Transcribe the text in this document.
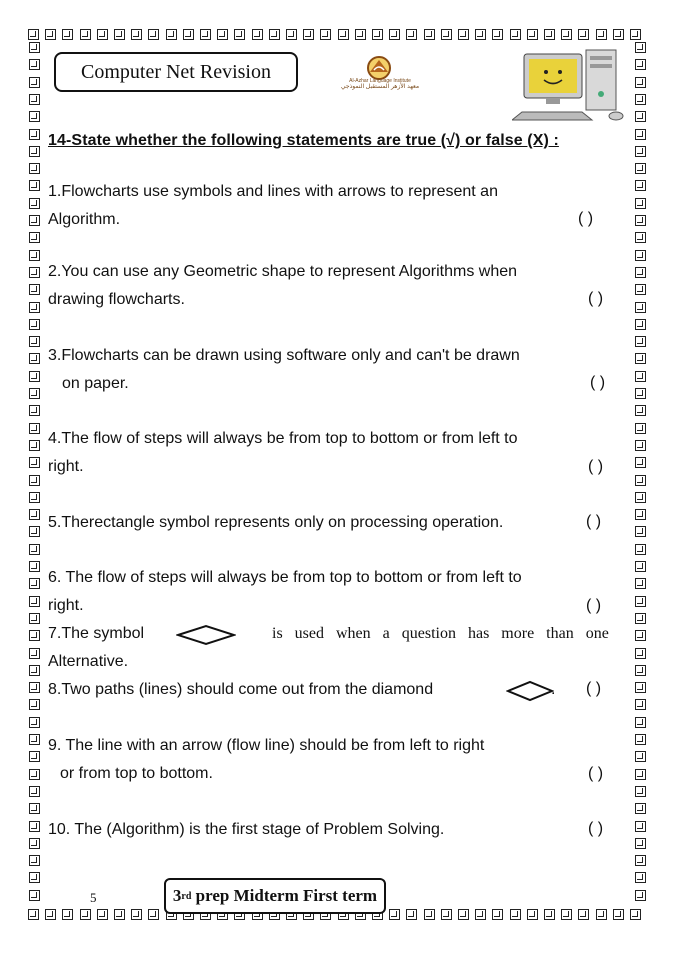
Computer Net Revision	Al-Azhar Language Institute
معهد الأزهر المستقبل النموذجي
14-State whether the following statements are true (√) or false (X) :
1.Flowcharts use symbols and lines with arrows to represent an
Algorithm.	( )
2.You can use any Geometric shape to represent Algorithms when
drawing flowcharts.	( )
3.Flowcharts can be drawn using software only and can't be drawn
on paper.	( )
4.The flow of steps will always be from top to bottom or from left to
right.	( )
5.Therectangle symbol represents only on processing operation.	( )
6. The flow of steps will always be from top to bottom or from left to
right.	( )
7.The symbol	is used when a question has more than one
Alternative.
8.Two paths (lines) should come out from the diamond	. ( )
9. The line with an arrow (flow line) should be from left to right
or from top to bottom.	( )
10. The (Algorithm) is the first stage of Problem Solving.	( )
5	3 rd
prep Midterm First term
